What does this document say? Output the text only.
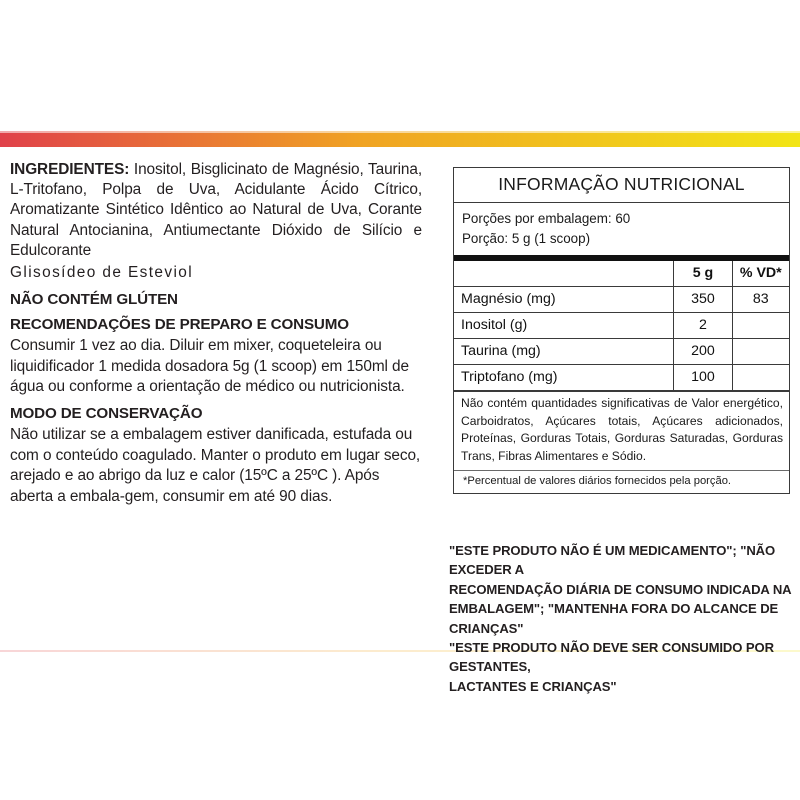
INGREDIENTES: Inositol, Bisglicinato de Magnésio, Taurina, L-Tritofano, Polpa de Uva, Acidulante Ácido Cítrico, Aromatizante Sintético Idêntico ao Natural de Uva, Corante Natural Antocianina, Antiumectante Dióxido de Silício e Edulcorante

Glisosídeo de Esteviol

NÃO CONTÉM GLÚTEN
RECOMENDAÇÕES DE PREPARO E CONSUMO

Consumir 1 vez ao dia. Diluir em mixer, coqueteleira ou liquidificador 1 medida dosadora 5g (1 scoop) em 150ml de água ou conforme a orientação de médico ou nutricionista.

MODO DE CONSERVAÇÃO

Não utilizar se a embalagem estiver danificada, estufada ou com o conteúdo coagulado. Manter o produto em lugar seco, arejado e ao abrigo da luz e calor (15ºC a 25ºC ). Após aberta a embala-gem, consumir em até 90 dias.

INFORMAÇÃO NUTRICIONAL
Porções por embalagem: 60
Porção: 5 g (1 scoop)
	5 g	% VD*
Magnésio (mg)	350	83
Inositol (g)	2	
Taurina (mg)	200	
Triptofano (mg)	100	
Não contém quantidades significativas de Valor energético, Carboidratos, Açúcares totais, Açúcares adicionados, Proteínas, Gorduras Totais, Gorduras Saturadas, Gorduras Trans, Fibras Alimentares e Sódio.
*Percentual de valores diários fornecidos pela porção.

"ESTE PRODUTO NÃO É UM MEDICAMENTO"; "NÃO EXCEDER A

RECOMENDAÇÃO DIÁRIA DE CONSUMO INDICADA NA

EMBALAGEM"; "MANTENHA FORA DO ALCANCE DE CRIANÇAS"

"ESTE PRODUTO NÃO DEVE SER CONSUMIDO POR GESTANTES,

LACTANTES E CRIANÇAS"
